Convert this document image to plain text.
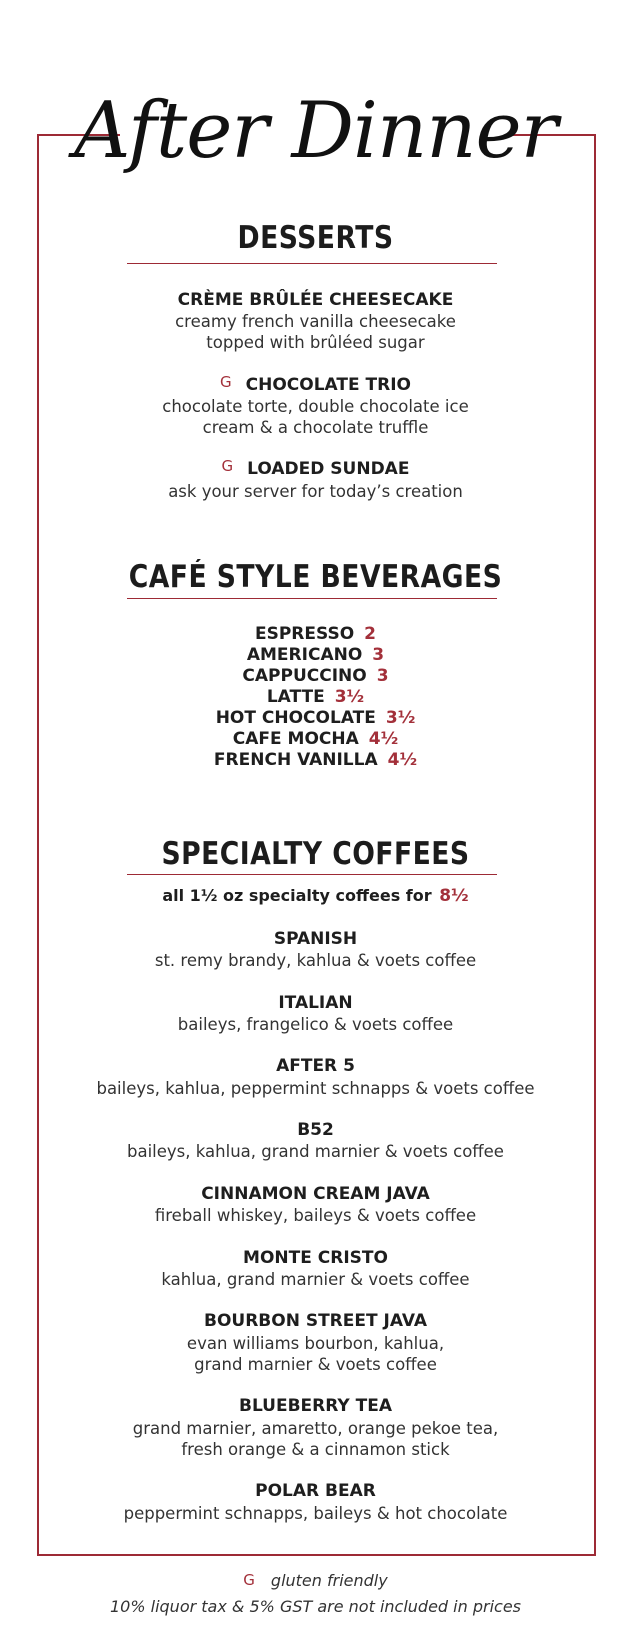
After Dinner
DESSERTS
CRÈME BRÛLÉE CHEESECAKE
creamy french vanilla cheesecake
topped with brûléed sugar
G CHOCOLATE TRIO
chocolate torte, double chocolate ice
cream & a chocolate truffle
G LOADED SUNDAE
ask your server for today’s creation
CAFÉ STYLE BEVERAGES
ESPRESSO 2
AMERICANO 3
CAPPUCCINO 3
LATTE 3½
HOT CHOCOLATE 3½
CAFE MOCHA 4½
FRENCH VANILLA 4½
SPECIALTY COFFEES
all 1½ oz specialty coffees for 8½
SPANISH
st. remy brandy, kahlua & voets coffee
ITALIAN
baileys, frangelico & voets coffee
AFTER 5
baileys, kahlua, peppermint schnapps & voets coffee
B52
baileys, kahlua, grand marnier & voets coffee
CINNAMON CREAM JAVA
fireball whiskey, baileys & voets coffee
MONTE CRISTO
kahlua, grand marnier & voets coffee
BOURBON STREET JAVA
evan williams bourbon, kahlua,
grand marnier & voets coffee
BLUEBERRY TEA
grand marnier, amaretto, orange pekoe tea,
fresh orange & a cinnamon stick
POLAR BEAR
peppermint schnapps, baileys & hot chocolate
G gluten friendly
10% liquor tax & 5% GST are not included in prices
